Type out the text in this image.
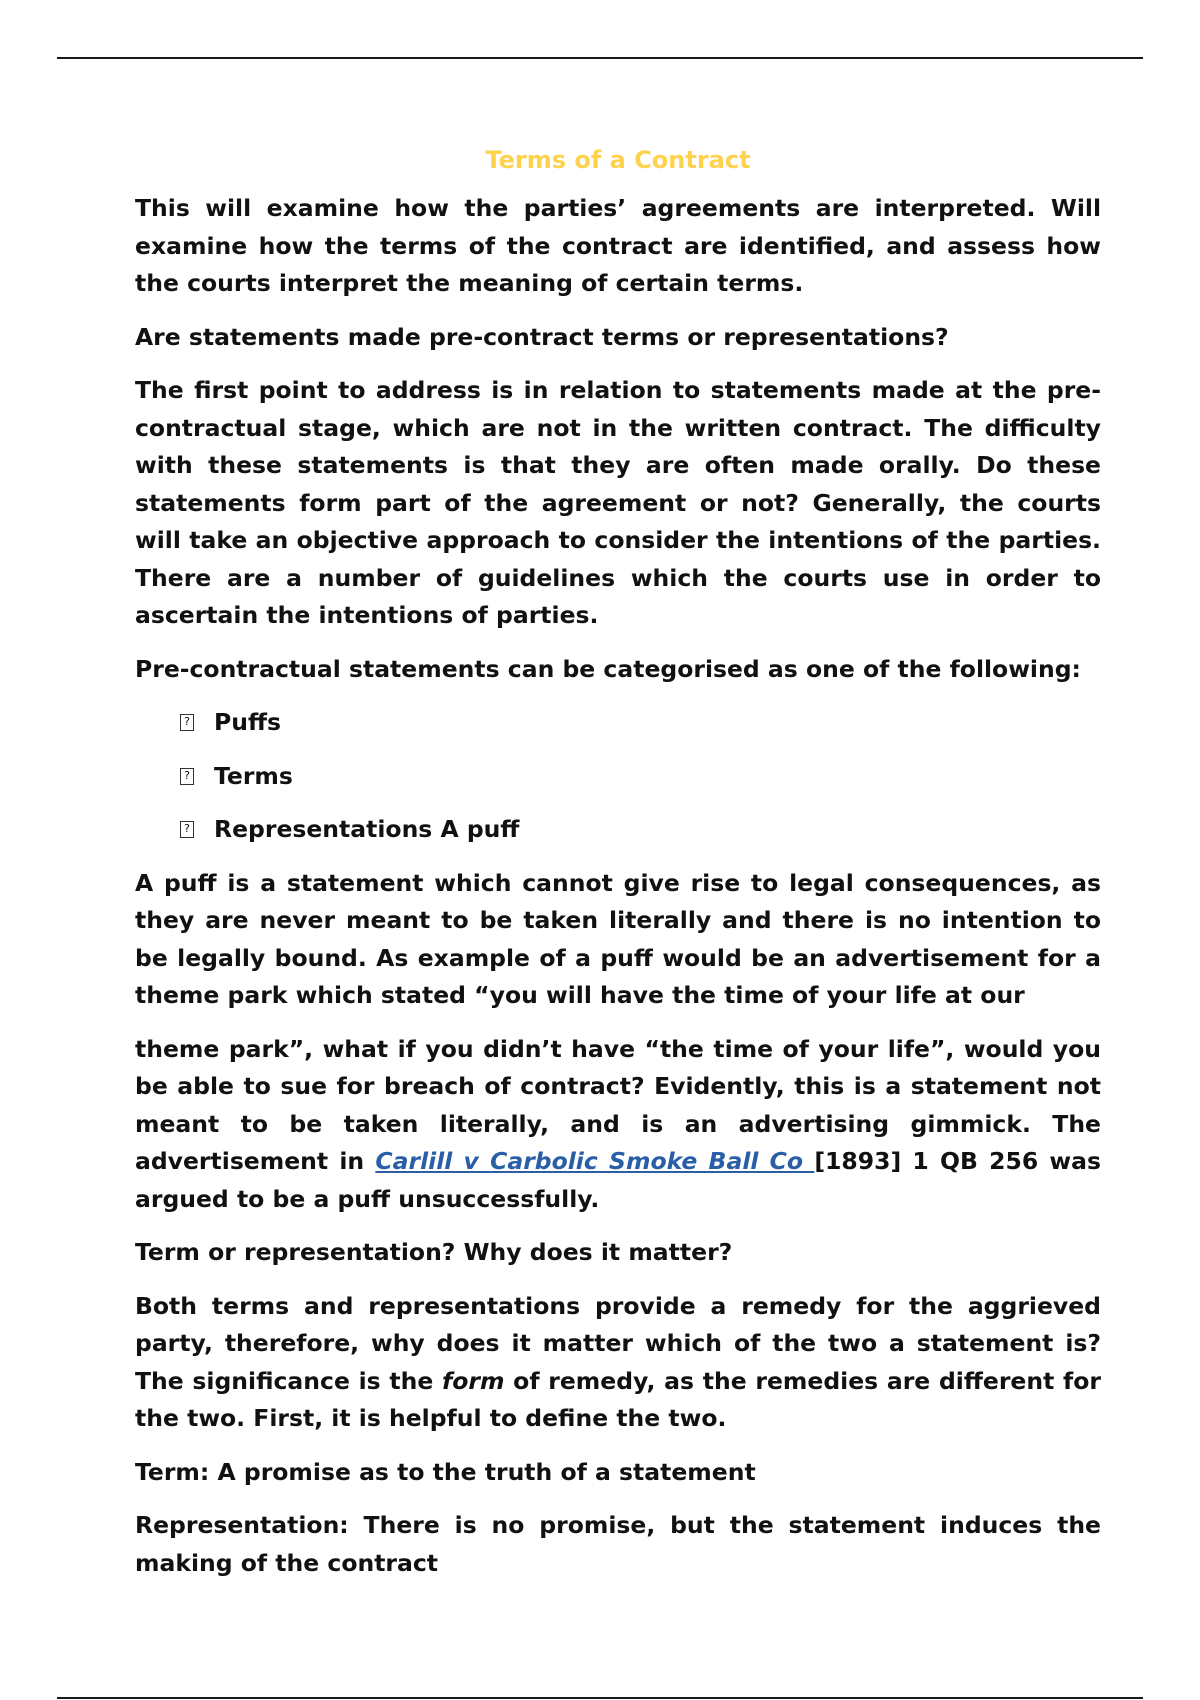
Terms of a Contract

This will examine how the parties’ agreements are interpreted. Will examine how the terms of the contract are identified, and assess how the courts interpret the meaning of certain terms.

Are statements made pre-contract terms or representations?

The first point to address is in relation to statements made at the pre-contractual stage, which are not in the written contract. The difficulty with these statements is that they are often made orally. Do these statements form part of the agreement or not? Generally, the courts will take an objective approach to consider the intentions of the parties. There are a number of guidelines which the courts use in order to ascertain the intentions of parties.

Pre-contractual statements can be categorised as one of the following:

? Puffs
? Terms
? Representations A puff

A puff is a statement which cannot give rise to legal consequences, as they are never meant to be taken literally and there is no intention to be legally bound. As example of a puff would be an advertisement for a theme park which stated “you will have the time of your life at our

theme park”, what if you didn’t have “the time of your life”, would you be able to sue for breach of contract? Evidently, this is a statement not meant to be taken literally, and is an advertising gimmick. The advertisement in Carlill v Carbolic Smoke Ball Co [1893] 1 QB 256 was argued to be a puff unsuccessfully.

Term or representation? Why does it matter?

Both terms and representations provide a remedy for the aggrieved party, therefore, why does it matter which of the two a statement is? The significance is the form of remedy, as the remedies are different for the two. First, it is helpful to define the two.

Term: A promise as to the truth of a statement

Representation: There is no promise, but the statement induces the making of the contract
